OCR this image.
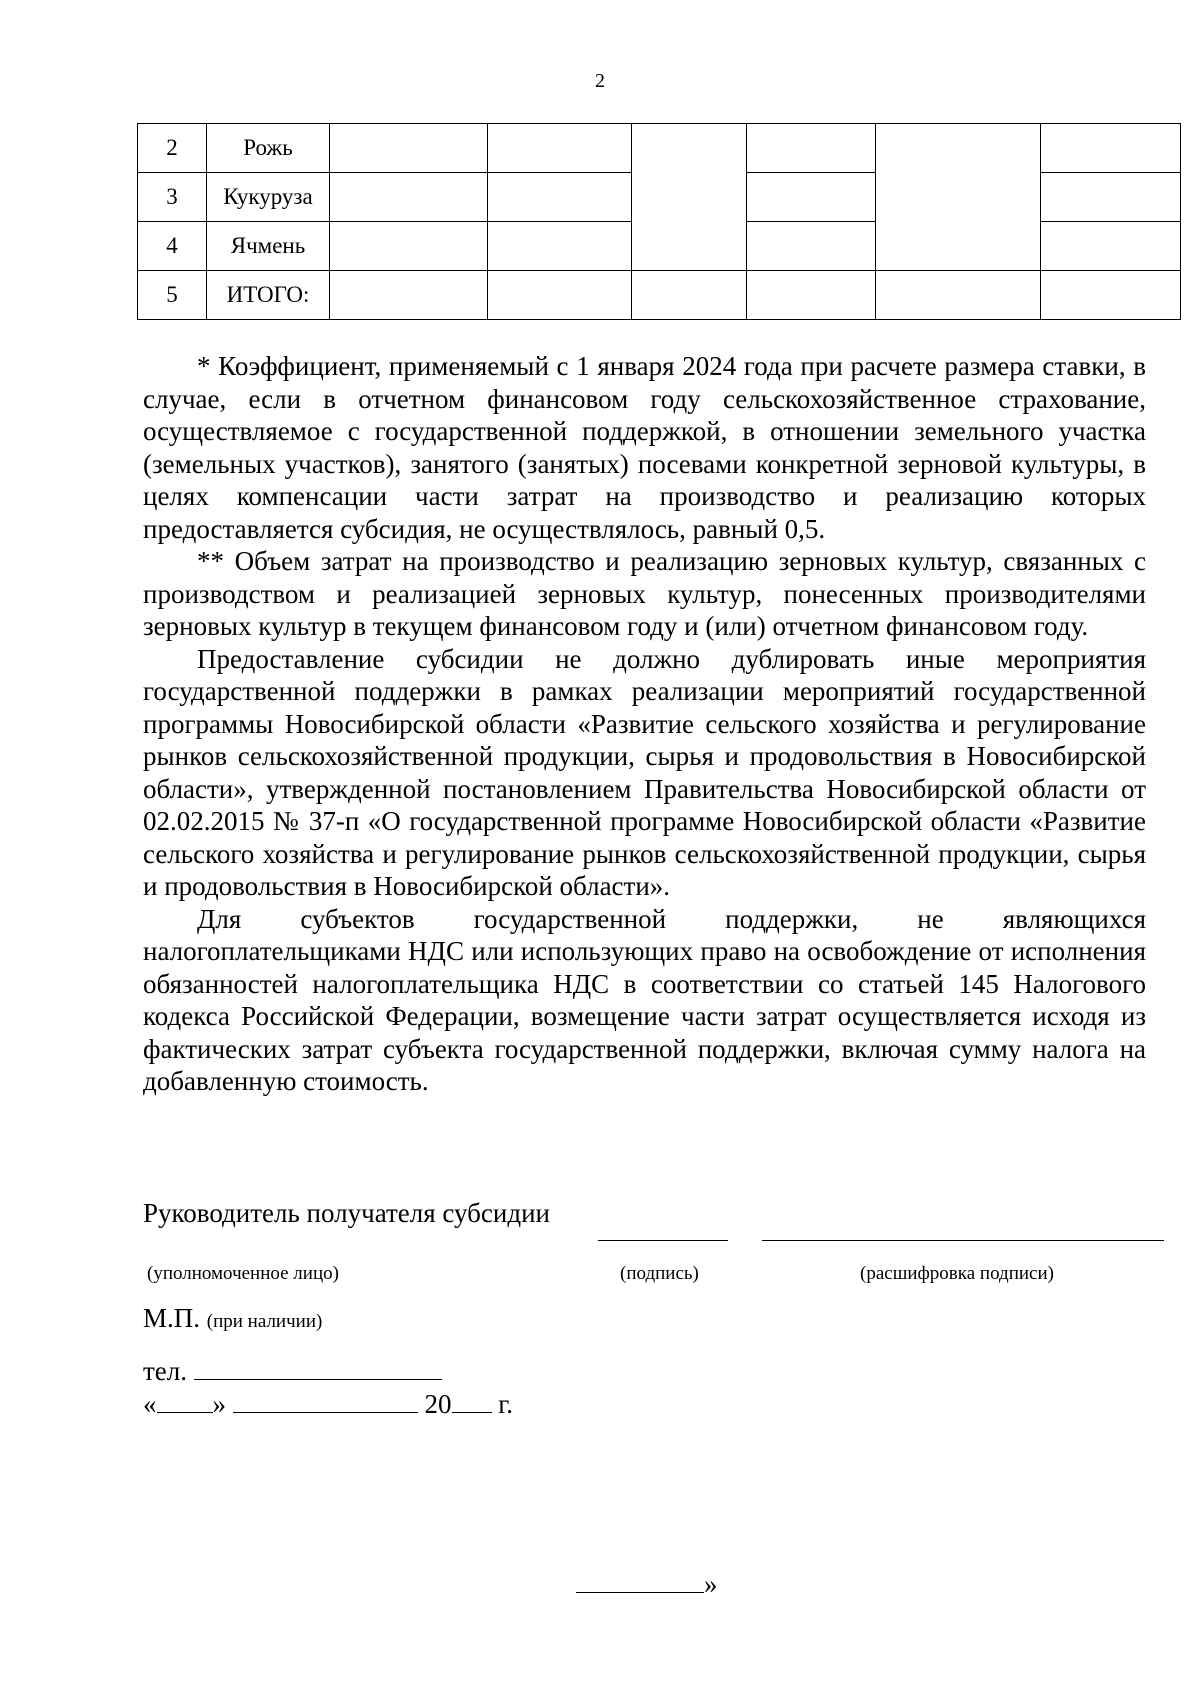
2
2	Рожь						
3	Кукуруза						
4	Ячмень						
5	ИТОГО:						

* Коэффициент, применяемый с 1 января 2024 года при расчете размера ставки, в случае, если в отчетном финансовом году сельскохозяйственное страхование, осуществляемое с государственной поддержкой, в отношении земельного участка (земельных участков), занятого (занятых) посевами конкретной зерновой культуры, в целях компенсации части затрат на производство и реализацию которых предоставляется субсидия, не осуществлялось, равный 0,5.

** Объем затрат на производство и реализацию зерновых культур, связанных с производством и реализацией зерновых культур, понесенных производителями зерновых культур в текущем финансовом году и (или) отчетном финансовом году.

Предоставление субсидии не должно дублировать иные мероприятия государственной поддержки в рамках реализации мероприятий государственной программы Новосибирской области «Развитие сельского хозяйства и регулирование рынков сельскохозяйственной продукции, сырья и продовольствия в Новосибирской области», утвержденной постановлением Правительства Новосибирской области от 02.02.2015 № 37-п «О государственной программе Новосибирской области «Развитие сельского хозяйства и регулирование рынков сельскохозяйственной продукции, сырья и продовольствия в Новосибирской области».

Для субъектов государственной поддержки, не являющихся налогоплательщиками НДС или использующих право на освобождение от исполнения обязанностей налогоплательщика НДС в соответствии со статьей 145 Налогового кодекса Российской Федерации, возмещение части затрат осуществляется исходя из фактических затрат субъекта государственной поддержки, включая сумму налога на добавленную стоимость.

Руководитель получателя субсидии
(уполномоченное лицо)	(подпись)	(расшифровка подписи)
М.П. (при наличии)
тел.
« »	20 г.
»
